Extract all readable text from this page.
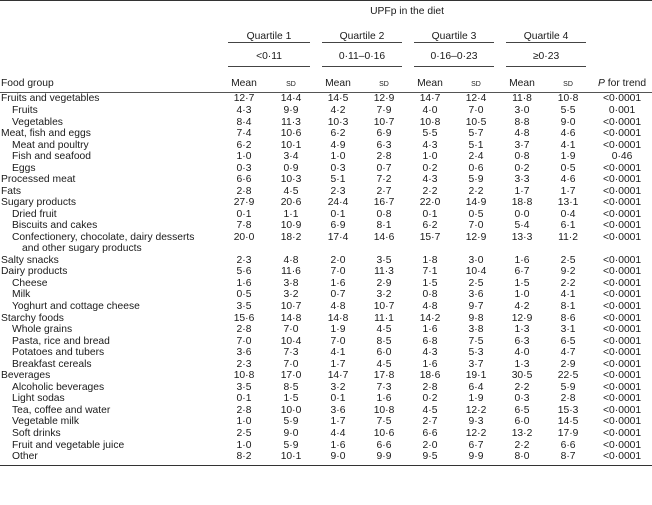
	UPFp in the diet								

	Quartile 1		Quartile 2		Quartile 3		Quartile 4		

	<0·11		0·11–0·16		0·16–0·23		≥0·23		

Food group	Mean	sd	Mean	sd	Mean	sd	Mean	sd	P for trend

Fruits and vegetables	12·7	14·4	14·5	12·9	14·7	12·4	11·8	10·8	<0·0001

Fruits	4·3	9·9	4·2	7·9	4·0	7·0	3·0	5·5	0·001

Vegetables	8·4	11·3	10·3	10·7	10·8	10·5	8·8	9·0	<0·0001

Meat, fish and eggs	7·4	10·6	6·2	6·9	5·5	5·7	4·8	4·6	<0·0001

Meat and poultry	6·2	10·1	4·9	6·3	4·3	5·1	3·7	4·1	<0·0001

Fish and seafood	1·0	3·4	1·0	2·8	1·0	2·4	0·8	1·9	0·46

Eggs	0·3	0·9	0·3	0·7	0·2	0·6	0·2	0·5	<0·0001

Processed meat	6·6	10·3	5·1	7·2	4·3	5·9	3·3	4·6	<0·0001

Fats	2·8	4·5	2·3	2·7	2·2	2·2	1·7	1·7	<0·0001

Sugary products	27·9	20·6	24·4	16·7	22·0	14·9	18·8	13·1	<0·0001

Dried fruit	0·1	1·1	0·1	0·8	0·1	0·5	0·0	0·4	<0·0001

Biscuits and cakes	7·8	10·9	6·9	8·1	6·2	7·0	5·4	6·1	<0·0001

Confectionery, chocolate, dairy desserts
and other sugary products	20·0	18·2	17·4	14·6	15·7	12·9	13·3	11·2	<0·0001

Salty snacks	2·3	4·8	2·0	3·5	1·8	3·0	1·6	2·5	<0·0001

Dairy products	5·6	11·6	7·0	11·3	7·1	10·4	6·7	9·2	<0·0001

Cheese	1·6	3·8	1·6	2·9	1·5	2·5	1·5	2·2	<0·0001

Milk	0·5	3·2	0·7	3·2	0·8	3·6	1·0	4·1	<0·0001

Yoghurt and cottage cheese	3·5	10·7	4·8	10·7	4·8	9·7	4·2	8·1	<0·0001

Starchy foods	15·6	14·8	14·8	11·1	14·2	9·8	12·9	8·6	<0·0001

Whole grains	2·8	7·0	1·9	4·5	1·6	3·8	1·3	3·1	<0·0001

Pasta, rice and bread	7·0	10·4	7·0	8·5	6·8	7·5	6·3	6·5	<0·0001

Potatoes and tubers	3·6	7·3	4·1	6·0	4·3	5·3	4·0	4·7	<0·0001

Breakfast cereals	2·3	7·0	1·7	4·5	1·6	3·7	1·3	2·9	<0·0001

Beverages	10·8	17·0	14·7	17·8	18·6	19·1	30·5	22·5	<0·0001

Alcoholic beverages	3·5	8·5	3·2	7·3	2·8	6·4	2·2	5·9	<0·0001

Light sodas	0·1	1·5	0·1	1·6	0·2	1·9	0·3	2·8	<0·0001

Tea, coffee and water	2·8	10·0	3·6	10·8	4·5	12·2	6·5	15·3	<0·0001

Vegetable milk	1·0	5·9	1·7	7·5	2·7	9·3	6·0	14·5	<0·0001

Soft drinks	2·5	9·0	4·4	10·6	6·6	12·2	13·2	17·9	<0·0001

Fruit and vegetable juice	1·0	5·9	1·6	6·6	2·0	6·7	2·2	6·6	<0·0001

Other	8·2	10·1	9·0	9·9	9·5	9·9	8·0	8·7	<0·0001
